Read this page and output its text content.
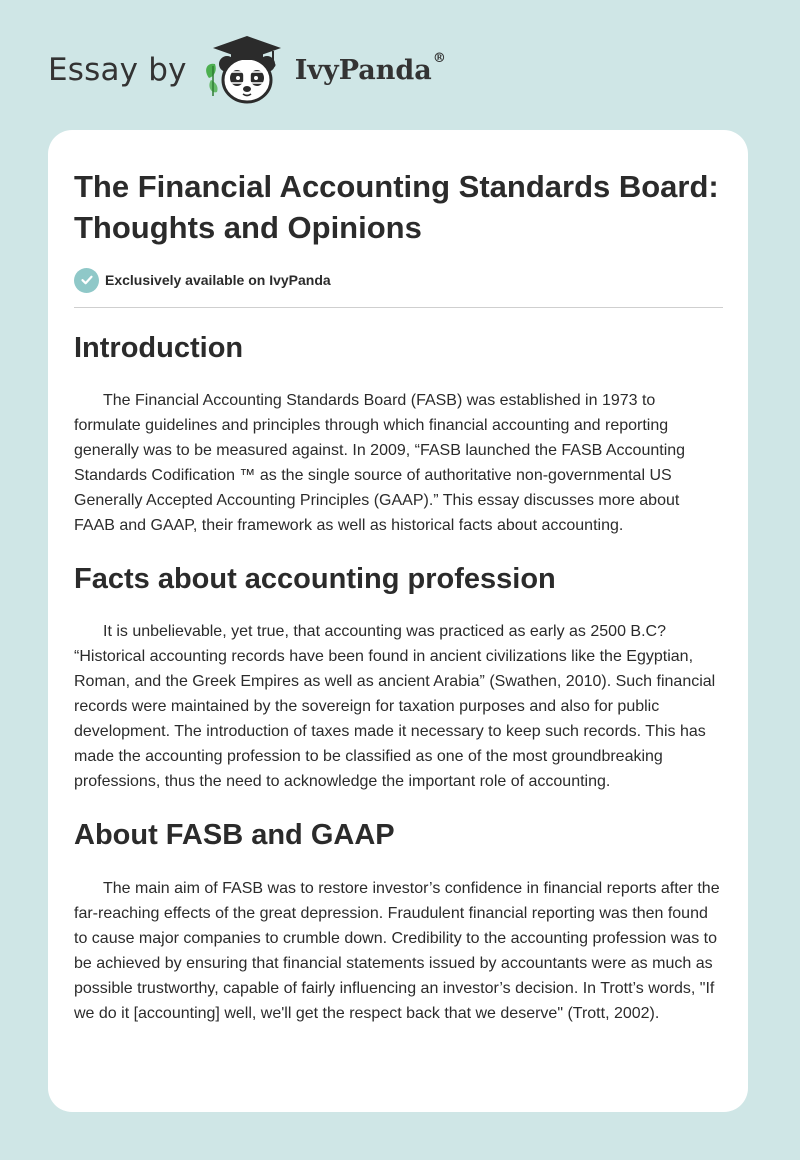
Essay by	IvyPanda®
The Financial Accounting Standards Board: Thoughts and Opinions
Exclusively available on IvyPanda
Introduction

The Financial Accounting Standards Board (FASB) was established in 1973 to formulate guidelines and principles through which financial accounting and reporting generally was to be measured against. In 2009, “FASB launched the FASB Accounting Standards Codification ™ as the single source of authoritative non-governmental US Generally Accepted Accounting Principles (GAAP).” This essay discusses more about FAAB and GAAP, their framework as well as historical facts about accounting.

Facts about accounting profession

It is unbelievable, yet true, that accounting was practiced as early as 2500 B.C? “Historical accounting records have been found in ancient civilizations like the Egyptian, Roman, and the Greek Empires as well as ancient Arabia” (Swathen, 2010). Such financial records were maintained by the sovereign for taxation purposes and also for public development. The introduction of taxes made it necessary to keep such records. This has made the accounting profession to be classified as one of the most groundbreaking professions, thus the need to acknowledge the important role of accounting.

About FASB and GAAP

The main aim of FASB was to restore investor’s confidence in financial reports after the far-reaching effects of the great depression. Fraudulent financial reporting was then found to cause major companies to crumble down. Credibility to the accounting profession was to be achieved by ensuring that financial statements issued by accountants were as much as possible trustworthy, capable of fairly influencing an investor’s decision. In Trott’s words, "If we do it [accounting] well, we'll get the respect back that we deserve" (Trott, 2002).
